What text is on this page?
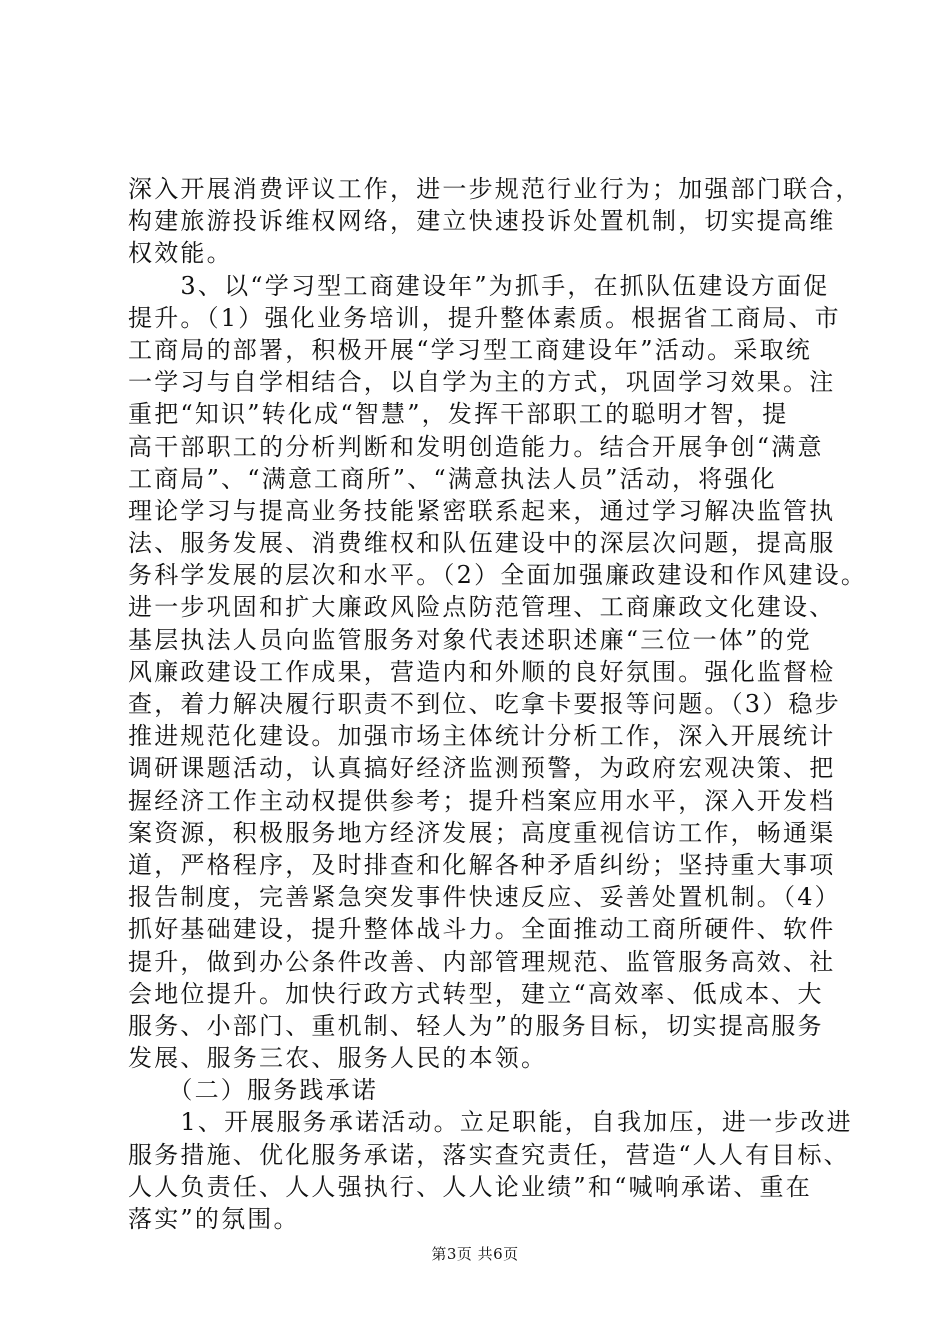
深入开展消费评议工作，进一步规范行业行为；加强部门联合，
构建旅游投诉维权网络，建立快速投诉处置机制，切实提高维
权效能。
　　3、以“学习型工商建设年”为抓手，在抓队伍建设方面促
提升。（1）强化业务培训，提升整体素质。根据省工商局、市
工商局的部署，积极开展“学习型工商建设年”活动。采取统
一学习与自学相结合，以自学为主的方式，巩固学习效果。注
重把“知识”转化成“智慧”，发挥干部职工的聪明才智，提
高干部职工的分析判断和发明创造能力。结合开展争创“满意
工商局”、“满意工商所”、“满意执法人员”活动，将强化
理论学习与提高业务技能紧密联系起来，通过学习解决监管执
法、服务发展、消费维权和队伍建设中的深层次问题，提高服
务科学发展的层次和水平。（2）全面加强廉政建设和作风建设。
进一步巩固和扩大廉政风险点防范管理、工商廉政文化建设、
基层执法人员向监管服务对象代表述职述廉“三位一体”的党
风廉政建设工作成果，营造内和外顺的良好氛围。强化监督检
查，着力解决履行职责不到位、吃拿卡要报等问题。（3）稳步
推进规范化建设。加强市场主体统计分析工作，深入开展统计
调研课题活动，认真搞好经济监测预警，为政府宏观决策、把
握经济工作主动权提供参考；提升档案应用水平，深入开发档
案资源，积极服务地方经济发展；高度重视信访工作，畅通渠
道，严格程序，及时排查和化解各种矛盾纠纷；坚持重大事项
报告制度，完善紧急突发事件快速反应、妥善处置机制。（4）
抓好基础建设，提升整体战斗力。全面推动工商所硬件、软件
提升，做到办公条件改善、内部管理规范、监管服务高效、社
会地位提升。加快行政方式转型，建立“高效率、低成本、大
服务、小部门、重机制、轻人为”的服务目标，切实提高服务
发展、服务三农、服务人民的本领。
　　（二）服务践承诺
　　1、开展服务承诺活动。立足职能，自我加压，进一步改进
服务措施、优化服务承诺，落实查究责任，营造“人人有目标、
人人负责任、人人强执行、人人论业绩”和“喊响承诺、重在
落实”的氛围。
第3页 共6页
